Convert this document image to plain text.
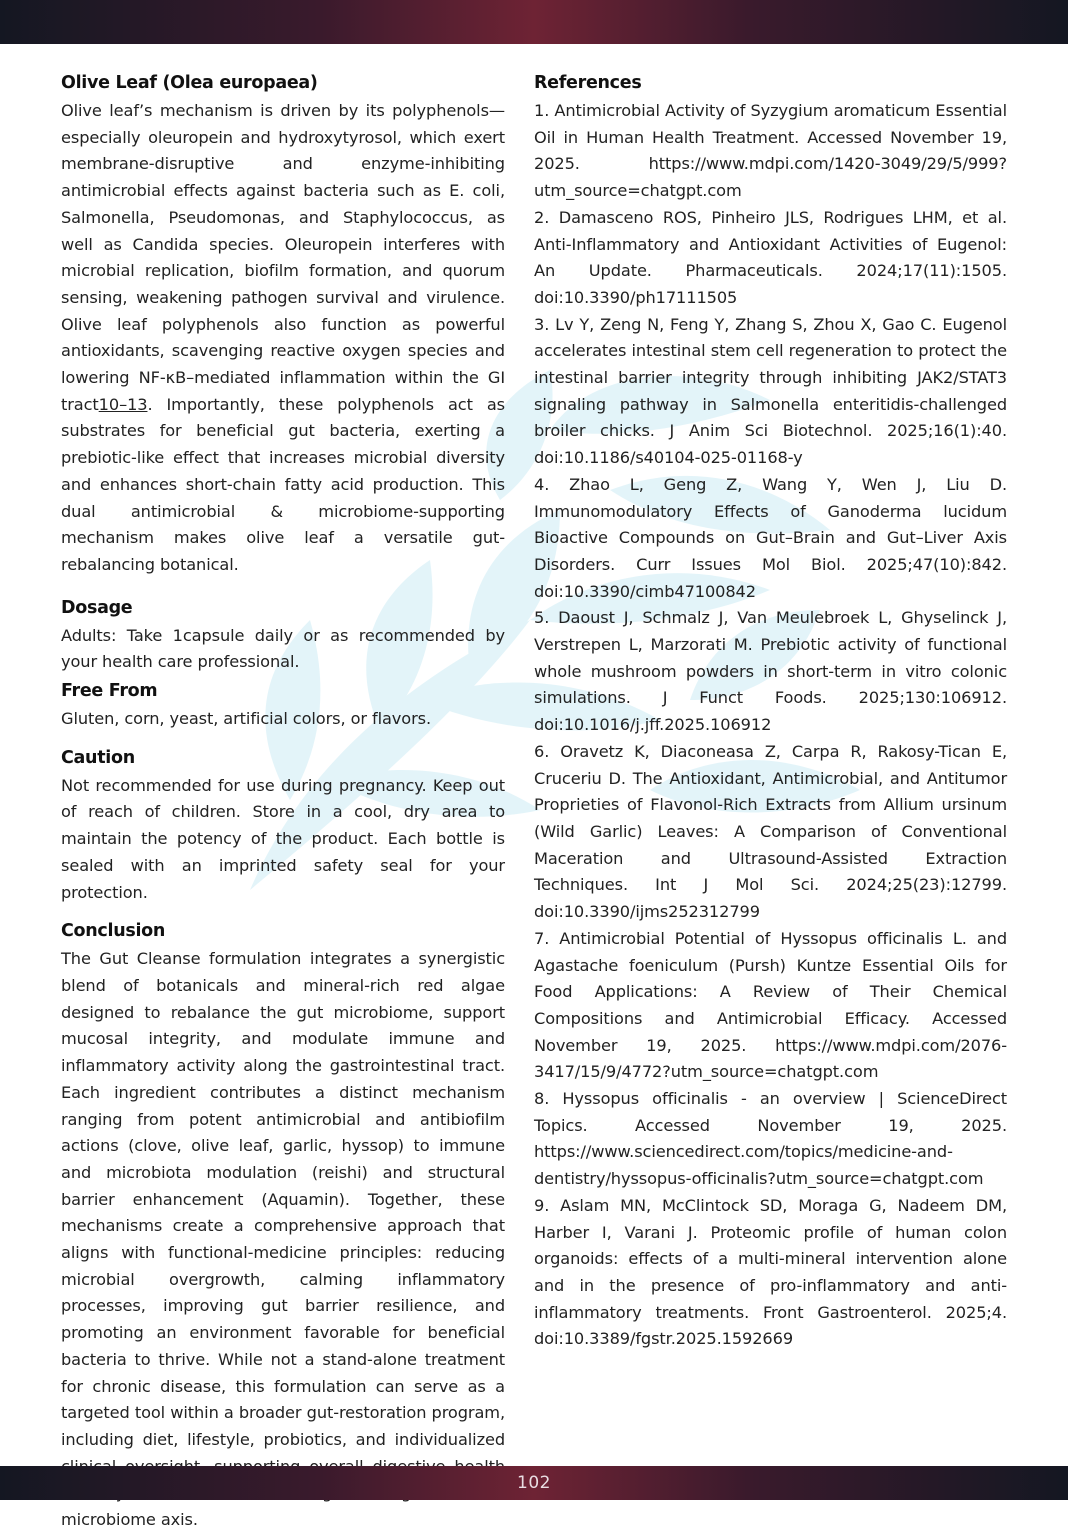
Olive Leaf (Olea europaea)

Olive leaf’s mechanism is driven by its polyphenols—especially oleuropein and hydroxytyrosol, which exert membrane-disruptive and enzyme-inhibiting antimicrobial effects against bacteria such as E. coli, Salmonella, Pseudomonas, and Staphylococcus, as well as Candida species. Oleuropein interferes with microbial replication, biofilm formation, and quorum sensing, weakening pathogen survival and virulence. Olive leaf polyphenols also function as powerful antioxidants, scavenging reactive oxygen species and lowering NF-κB–mediated inflammation within the GI tract10–13. Importantly, these polyphenols act as substrates for beneficial gut bacteria, exerting a prebiotic-like effect that increases microbial diversity and enhances short-chain fatty acid production. This dual antimicrobial & microbiome-supporting mechanism makes olive leaf a versatile gut-rebalancing botanical.

Dosage

Adults: Take 1capsule daily or as recommended by your health care professional.

Free From

Gluten, corn, yeast, artificial colors, or flavors.

Caution

Not recommended for use during pregnancy. Keep out of reach of children. Store in a cool, dry area to maintain the potency of the product. Each bottle is sealed with an imprinted safety seal for your protection.

Conclusion

The Gut Cleanse formulation integrates a synergistic blend of botanicals and mineral-rich red algae designed to rebalance the gut microbiome, support mucosal integrity, and modulate immune and inflammatory activity along the gastrointestinal tract. Each ingredient contributes a distinct mechanism ranging from potent antimicrobial and antibiofilm actions (clove, olive leaf, garlic, hyssop) to immune and microbiota modulation (reishi) and structural barrier enhancement (Aquamin). Together, these mechanisms create a comprehensive approach that aligns with functional-medicine principles: reducing microbial overgrowth, calming inflammatory processes, improving gut barrier resilience, and promoting an environment favorable for beneficial bacteria to thrive. While not a stand-alone treatment for chronic disease, this formulation can serve as a targeted tool within a broader gut-restoration program, including diet, lifestyle, probiotics, and individualized microbiome axis.

References

1. Antimicrobial Activity of Syzygium aromaticum Essential Oil in Human Health Treatment. Accessed November 19, 2025. https://www.mdpi.com/1420-3049/29/5/999?utm_source=chatgpt.com

2. Damasceno ROS, Pinheiro JLS, Rodrigues LHM, et al. Anti-Inflammatory and Antioxidant Activities of Eugenol: An Update. Pharmaceuticals. 2024;17(11):1505. doi:10.3390/ph17111505

3. Lv Y, Zeng N, Feng Y, Zhang S, Zhou X, Gao C. Eugenol accelerates intestinal stem cell regeneration to protect the intestinal barrier integrity through inhibiting JAK2/STAT3 signaling pathway in Salmonella enteritidis-challenged broiler chicks. J Anim Sci Biotechnol. 2025;16(1):40. doi:10.1186/s40104-025-01168-y

4. Zhao L, Geng Z, Wang Y, Wen J, Liu D. Immunomodulatory Effects of Ganoderma lucidum Bioactive Compounds on Gut–Brain and Gut–Liver Axis Disorders. Curr Issues Mol Biol. 2025;47(10):842. doi:10.3390/cimb47100842

5. Daoust J, Schmalz J, Van Meulebroek L, Ghyselinck J, Verstrepen L, Marzorati M. Prebiotic activity of functional whole mushroom powders in short-term in vitro colonic simulations. J Funct Foods. 2025;130:106912. doi:10.1016/j.jff.2025.106912

6. Oravetz K, Diaconeasa Z, Carpa R, Rakosy-Tican E, Cruceriu D. The Antioxidant, Antimicrobial, and Antitumor Proprieties of Flavonol-Rich Extracts from Allium ursinum (Wild Garlic) Leaves: A Comparison of Conventional Maceration and Ultrasound-Assisted Extraction Techniques. Int J Mol Sci. 2024;25(23):12799. doi:10.3390/ijms252312799

7. Antimicrobial Potential of Hyssopus officinalis L. and Agastache foeniculum (Pursh) Kuntze Essential Oils for Food Applications: A Review of Their Chemical Compositions and Antimicrobial Efficacy. Accessed November 19, 2025. https://www.mdpi.com/2076-3417/15/9/4772?utm_source=chatgpt.com

8. Hyssopus officinalis - an overview | ScienceDirect Topics. Accessed November 19, 2025. https://www.sciencedirect.com/topics/medicine-and-dentistry/hyssopus-officinalis?utm_source=chatgpt.com

9. Aslam MN, McClintock SD, Moraga G, Nadeem DM, Harber I, Varani J. Proteomic profile of human colon organoids: effects of a multi-mineral intervention alone and in the presence of pro-inflammatory and anti-inflammatory treatments. Front Gastroenterol. 2025;4. doi:10.3389/fgstr.2025.1592669

102
